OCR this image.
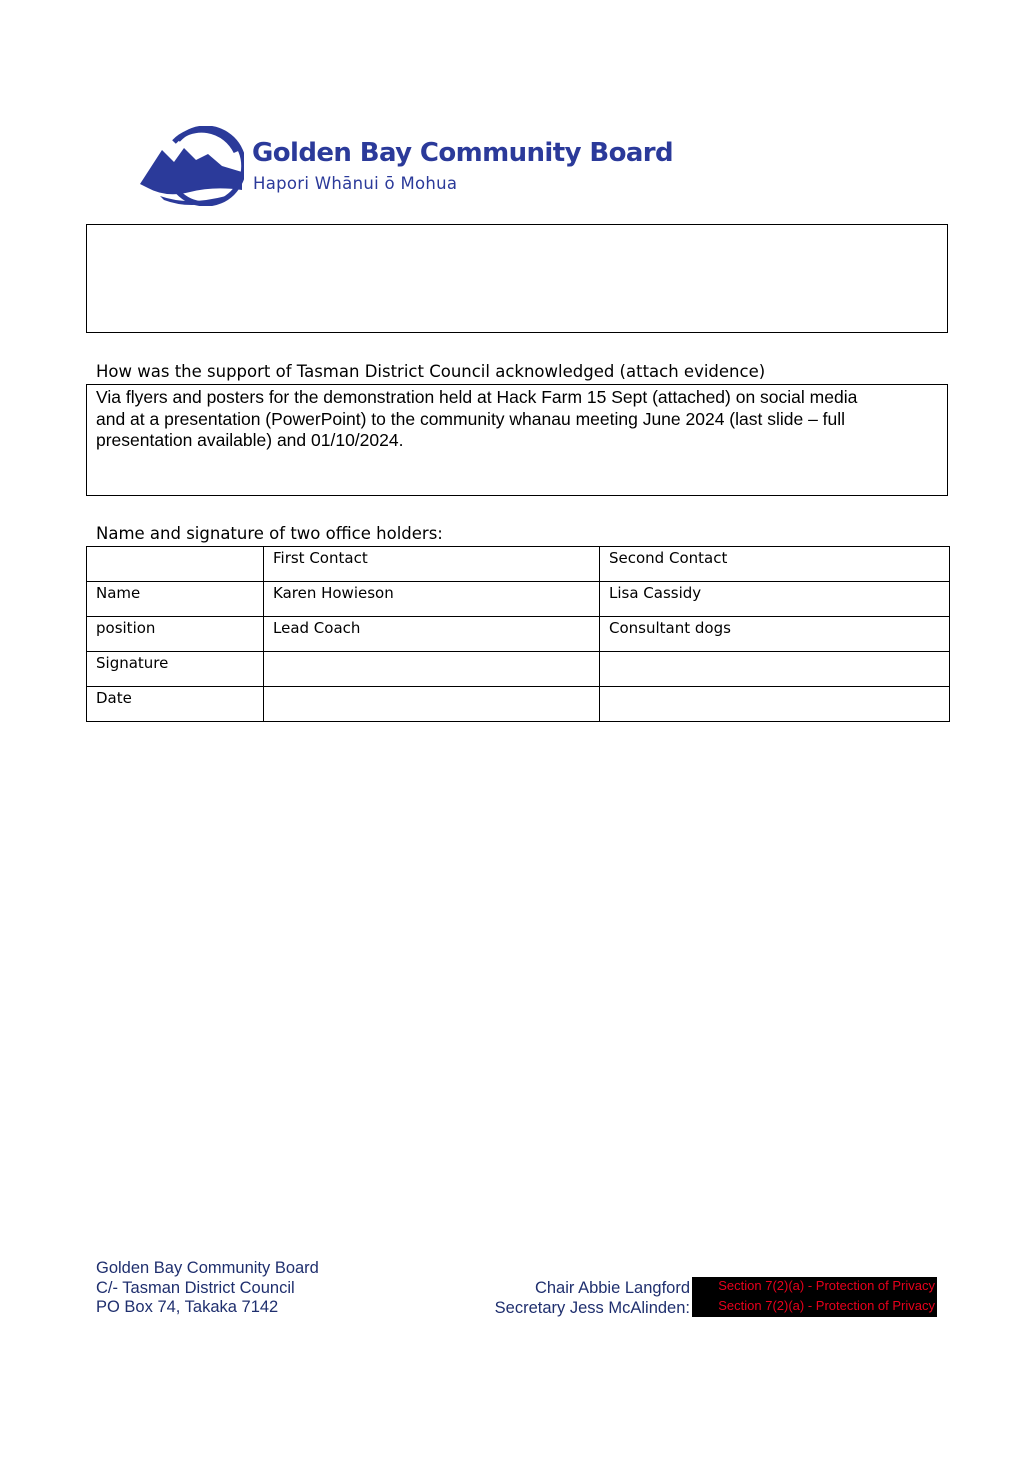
Golden Bay Community Board
Hapori Whānui ō Mohua
How was the support of Tasman District Council acknowledged (attach evidence)
Via flyers and posters for the demonstration held at Hack Farm 15 Sept (attached) on social media
and at a presentation (PowerPoint) to the community whanau meeting June 2024 (last slide – full
presentation available) and 01/10/2024.
Name and signature of two office holders:
	First Contact	Second Contact
Name	Karen Howieson	Lisa Cassidy
position	Lead Coach	Consultant dogs
Signature		
Date		
Golden Bay Community Board
C/- Tasman District Council
PO Box 74, Takaka 7142
Chair Abbie Langford
Secretary Jess McAlinden:
Section 7(2)(a) - Protection of Privacy
Section 7(2)(a) - Protection of Privacy
